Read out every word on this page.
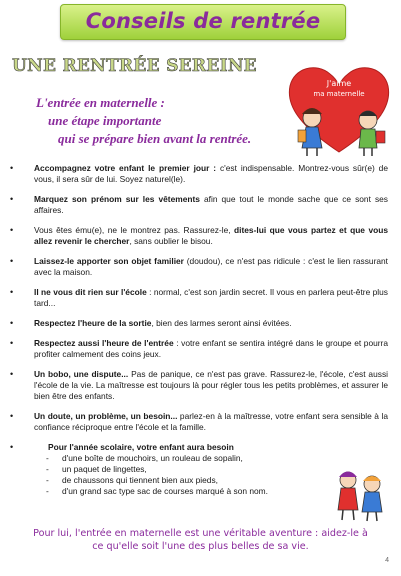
Conseils de rentrée
UNE RENTRÉE SEREINE
L'entrée en maternelle :
une étape importante
qui se prépare bien avant la rentrée.
J'aime
ma maternelle
• Accompagnez votre enfant le premier jour : c'est indispensable. Montrez-vous sûr(e) de vous, il sera sûr de lui. Soyez naturel(le).
• Marquez son prénom sur les vêtements afin que tout le monde sache que ce sont ses affaires.
• Vous êtes ému(e), ne le montrez pas. Rassurez-le, dites-lui que vous partez et que vous allez revenir le chercher, sans oublier le bisou.
• Laissez-le apporter son objet familier (doudou), ce n'est pas ridicule : c'est le lien rassurant avec la maison.
• Il ne vous dit rien sur l'école : normal, c'est son jardin secret. Il vous en parlera peut-être plus tard...
• Respectez l'heure de la sortie, bien des larmes seront ainsi évitées.
• Respectez aussi l'heure de l'entrée : votre enfant se sentira intégré dans le groupe et pourra profiter calmement des coins jeux.
• Un bobo, une dispute... Pas de panique, ce n'est pas grave. Rassurez-le, l'école, c'est aussi l'école de la vie. La maîtresse est toujours là pour régler tous les petits problèmes, et assurer le bien être des enfants.
• Un doute, un problème, un besoin... parlez-en à la maîtresse, votre enfant sera sensible à la confiance réciproque entre l'école et la famille.
•	Pour l'année scolaire, votre enfant aura besoin
- d'une boîte de mouchoirs, un rouleau de sopalin,
- un paquet de lingettes,
- de chaussons qui tiennent bien aux pieds,
- d'un grand sac type sac de courses marqué à son nom.
Pour lui, l'entrée en maternelle est une véritable aventure : aidez-le à
ce qu'elle soit l'une des plus belles de sa vie.
4
